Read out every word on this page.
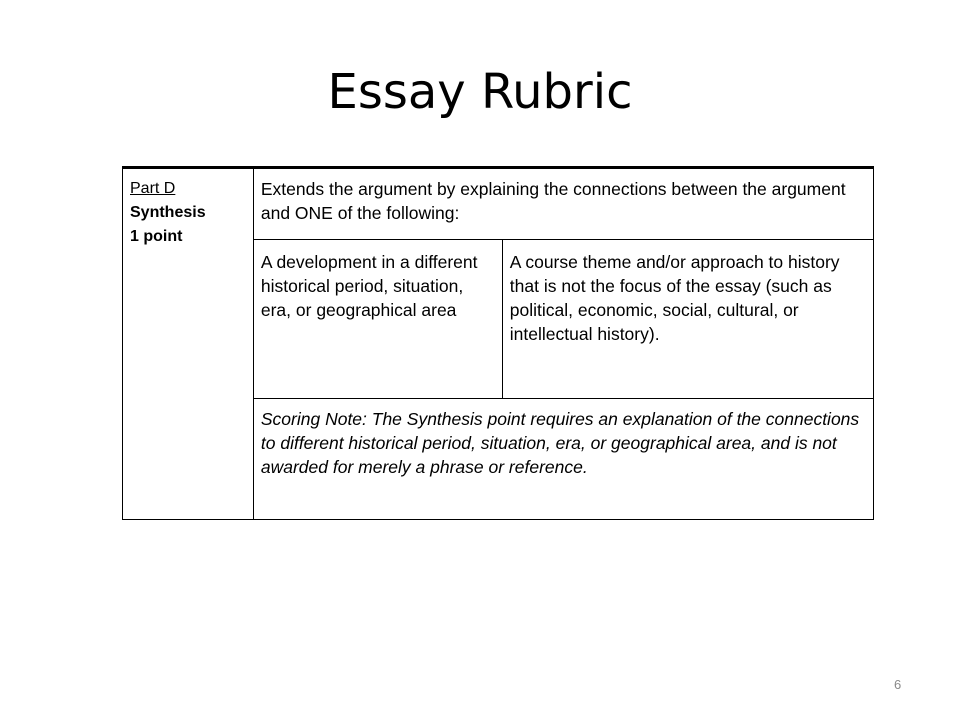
Essay Rubric
Part D
Synthesis
1 point	Extends the argument by explaining the connections between the argument and ONE of the following:	
	A development in a different historical period, situation, era, or geographical area	A course theme and/or approach to history that is not the focus of the essay (such as political, economic, social, cultural, or intellectual history).
	Scoring Note: The Synthesis point requires an explanation of the connections to different historical period, situation, era, or geographical area, and is not awarded for merely a phrase or reference.	
6
